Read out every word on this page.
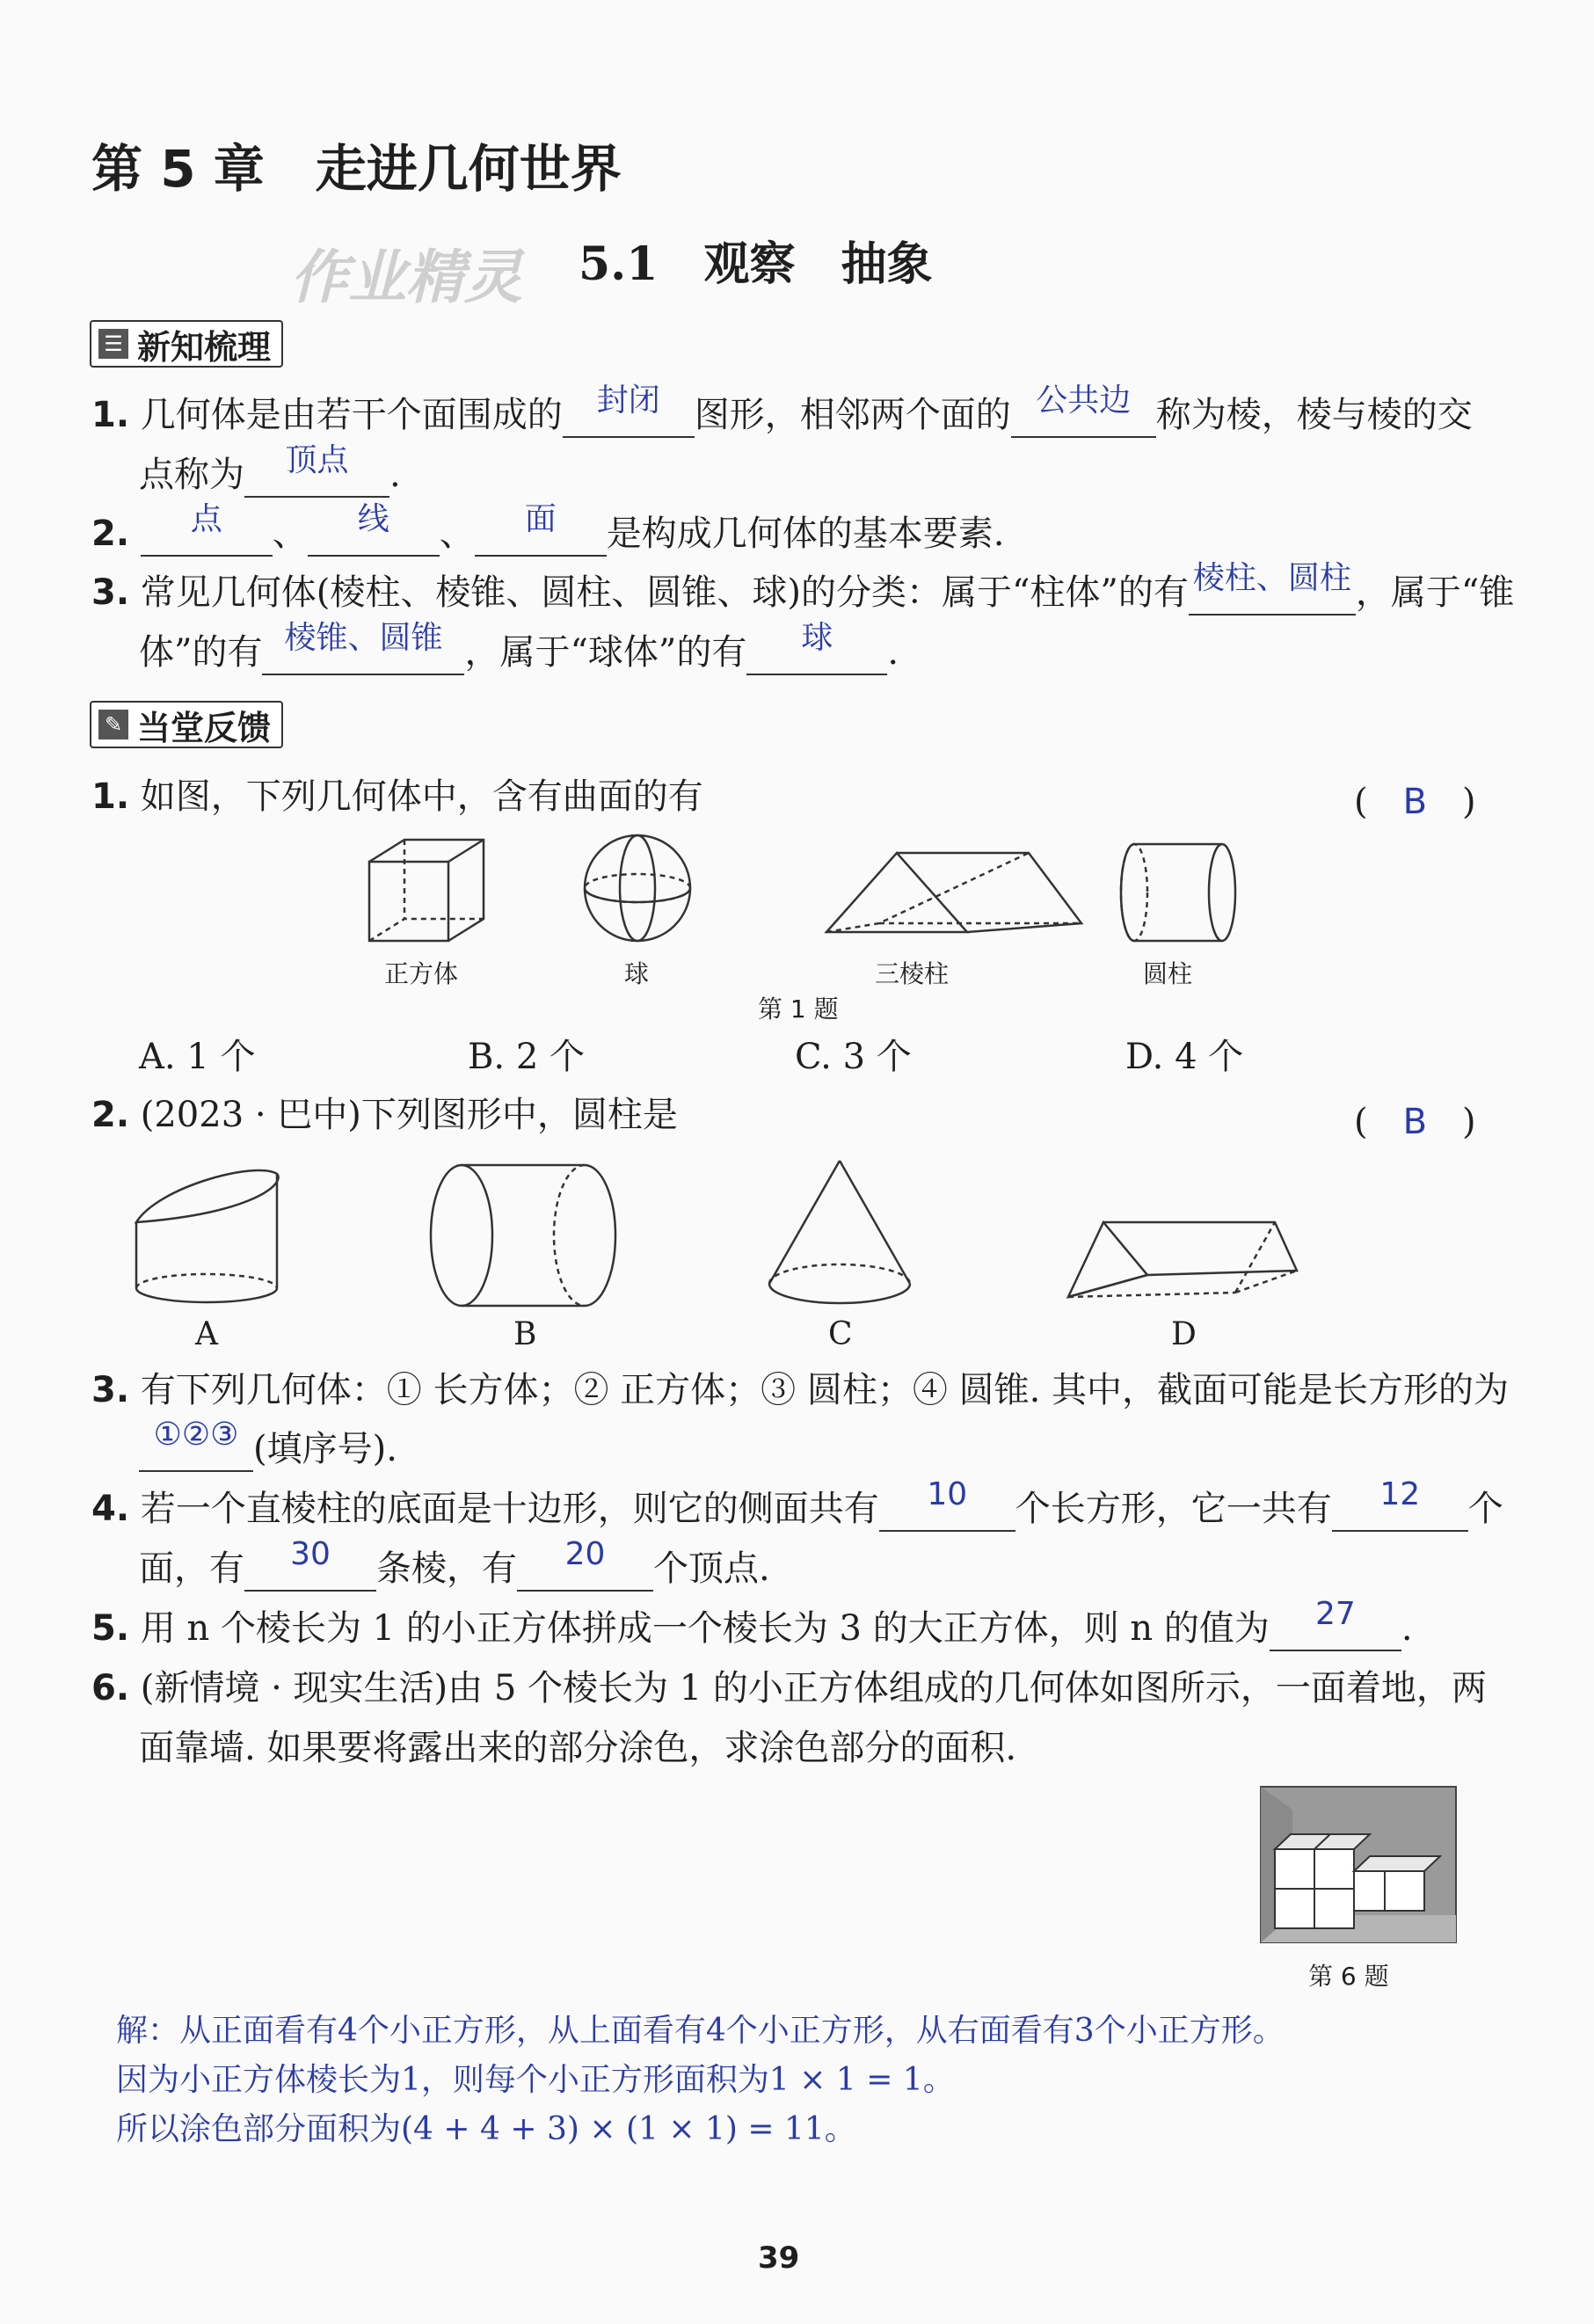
第 5 章　走进几何世界
作业精灵 5.1　观察　抽象
☰ 新知梳理
1. 几何体是由若干个面围成的	封闭 图形，相邻两个面的 公共边 称为棱，棱与棱的交
点称为	顶点	.
2.	点	、	线	、	面	是构成几何体的基本要素.
3. 常见几何体(棱柱、棱锥、圆柱、圆锥、球)的分类：属于“柱体”的有 棱柱、圆柱 ，属于“锥
体”的有 棱锥、圆锥 ，属于“球体”的有	球	.
✎ 当堂反馈
1. 如图，下列几何体中，含有曲面的有	(　B　)
正方体	球	三棱柱	圆柱
第 1 题
A. 1 个	B. 2 个	C. 3 个	D. 4 个
2. (2023 · 巴中)下列图形中，圆柱是	(　B　)
A	B	C	D
3. 有下列几何体：① 长方体；② 正方体；③ 圆柱；④ 圆锥. 其中，截面可能是长方形的为
①②③ (填序号).
4. 若一个直棱柱的底面是十边形，则它的侧面共有	10	个长方形，它一共有	12	个
面，有	30	条棱，有	20	个顶点.
5. 用 n 个棱长为 1 的小正方体拼成一个棱长为 3 的大正方体，则 n 的值为	27	.
6. (新情境 · 现实生活)由 5 个棱长为 1 的小正方体组成的几何体如图所示，一面着地，两
面靠墙. 如果要将露出来的部分涂色，求涂色部分的面积.
第 6 题
解：从正面看有4个小正方形，从上面看有4个小正方形，从右面看有3个小正方形。
因为小正方体棱长为1，则每个小正方形面积为1 × 1 = 1。
所以涂色部分面积为(4 + 4 + 3) × (1 × 1) = 11。
39
